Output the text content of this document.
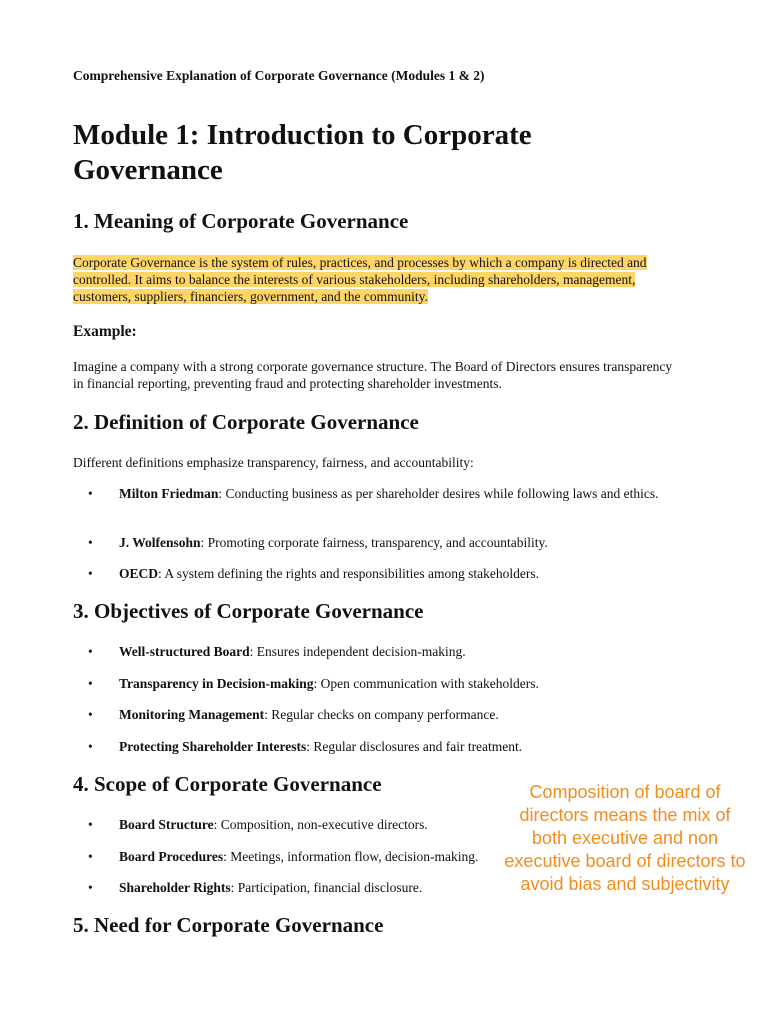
Comprehensive Explanation of Corporate Governance (Modules 1 & 2)
Module 1: Introduction to Corporate Governance
1. Meaning of Corporate Governance

Corporate Governance is the system of rules, practices, and processes by which a company is directed and controlled. It aims to balance the interests of various stakeholders, including shareholders, management, customers, suppliers, financiers, government, and the community.

Example:

Imagine a company with a strong corporate governance structure. The Board of Directors ensures transparency in financial reporting, preventing fraud and protecting shareholder investments.

2. Definition of Corporate Governance

Different definitions emphasize transparency, fairness, and accountability:

• Milton Friedman: Conducting business as per shareholder desires while following laws and ethics.
• J. Wolfensohn: Promoting corporate fairness, transparency, and accountability.
• OECD: A system defining the rights and responsibilities among stakeholders.
3. Objectives of Corporate Governance
• Well-structured Board: Ensures independent decision-making.
• Transparency in Decision-making: Open communication with stakeholders.
• Monitoring Management: Regular checks on company performance.
• Protecting Shareholder Interests: Regular disclosures and fair treatment.
4. Scope of Corporate Governance
• Board Structure: Composition, non-executive directors.
• Board Procedures: Meetings, information flow, decision-making.
• Shareholder Rights: Participation, financial disclosure.
5. Need for Corporate Governance
Composition of board of directors means the mix of both executive and non executive board of directors to avoid bias and subjectivity
